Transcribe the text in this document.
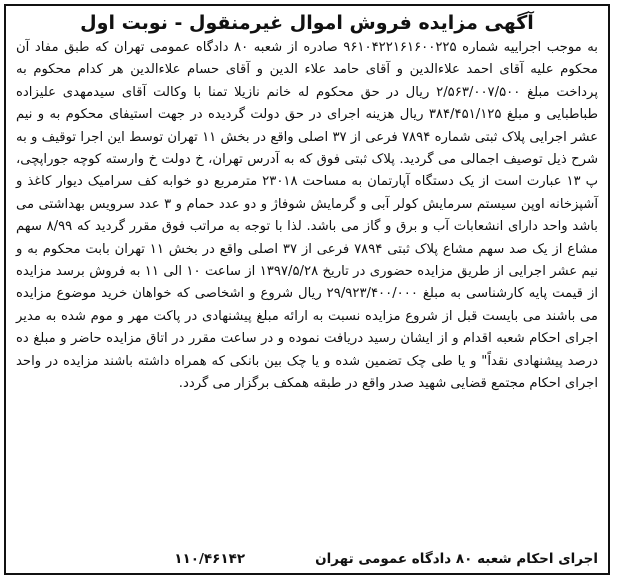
آگهی مزایده فروش اموال غیرمنقول - نوبت اول

به موجب اجراییه شماره ۹۶۱۰۴۲۲۱۶۱۶۰۰۲۲۵ صادره از شعبه ۸۰ دادگاه عمومی تهران که طبق مفاد آن محکوم علیه آقای احمد علاءالدین و آقای حامد علاء الدین و آقای حسام علاءالدین هر کدام محکوم به پرداخت مبلغ ۲/۵۶۳/۰۰۷/۵۰۰ ریال در حق محکوم له خانم نازیلا تمنا با وکالت آقای سیدمهدی علیزاده طباطبایی و مبلغ ۳۸۴/۴۵۱/۱۲۵ ریال هزینه اجرای در حق دولت گردیده در جهت استیفای محکوم به و نیم عشر اجرایی پلاک ثبتی شماره ۷۸۹۴ فرعی از ۳۷ اصلی واقع در بخش ۱۱ تهران توسط این اجرا توقیف و به شرح ذیل توصیف اجمالی می گردید. پلاک ثبتی فوق که به آدرس تهران، خ دولت خ وارسته کوچه جوراپچی، پ ۱۳ عبارت است از یک دستگاه آپارتمان به مساحت ۲۳۰۱۸ مترمربع دو خوابه کف سرامیک دیوار کاغذ و آشپزخانه اوپن سیستم سرمایش کولر آبی و گرمایش شوفاژ و دو عدد حمام و ۳ عدد سرویس بهداشتی می باشد واحد دارای انشعابات آب و برق و گاز می باشد. لذا با توجه به مراتب فوق مقرر گردید که ۸/۹۹ سهم مشاع از یک صد سهم مشاع پلاک ثبتی ۷۸۹۴ فرعی از ۳۷ اصلی واقع در بخش ۱۱ تهران بابت محکوم به و نیم عشر اجرایی از طریق مزایده حضوری در تاریخ ۱۳۹۷/۵/۲۸ از ساعت ۱۰ الی ۱۱ به فروش برسد مزایده از قیمت پایه کارشناسی به مبلغ ۲۹/۹۲۳/۴۰۰/۰۰۰ ریال شروع و اشخاصی که خواهان خرید موضوع مزایده می باشند می بایست قبل از شروع مزایده نسبت به ارائه مبلغ پیشنهادی در پاکت مهر و موم شده به مدیر اجرای احکام شعبه اقدام و از ایشان رسید دریافت نموده و در ساعت مقرر در اتاق مزایده حاضر و مبلغ ده درصد پیشنهادی نقداً" و یا طی چک تضمین شده و یا چک بین بانکی که همراه داشته باشند مزایده در واحد اجرای احکام مجتمع قضایی شهید صدر واقع در طبقه همکف برگزار می گردد.

اجرای احکام شعبه ۸۰ دادگاه عمومی تهران
۱۱۰/۴۶۱۴۲
